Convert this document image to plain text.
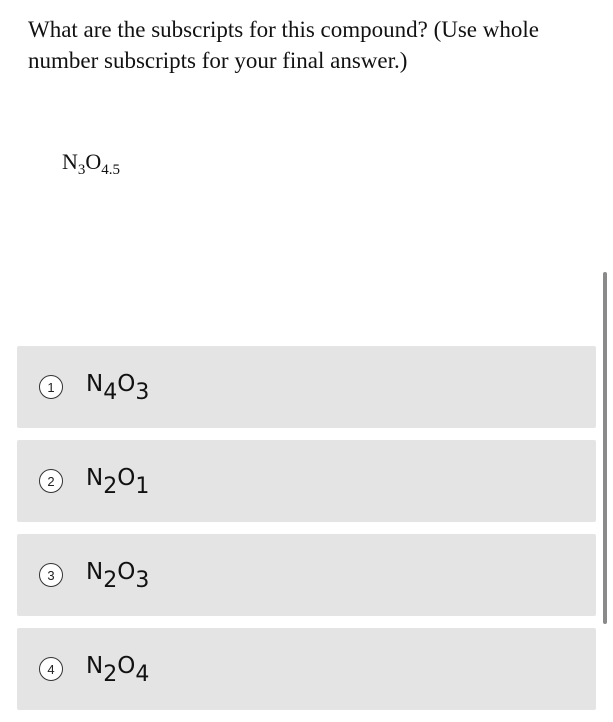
What are the subscripts for this compound? (Use whole number subscripts for your final answer.)

$N_3O_{4.5}$
1	N4O3
2	N2O1
3	N2O3
4	N2O4
